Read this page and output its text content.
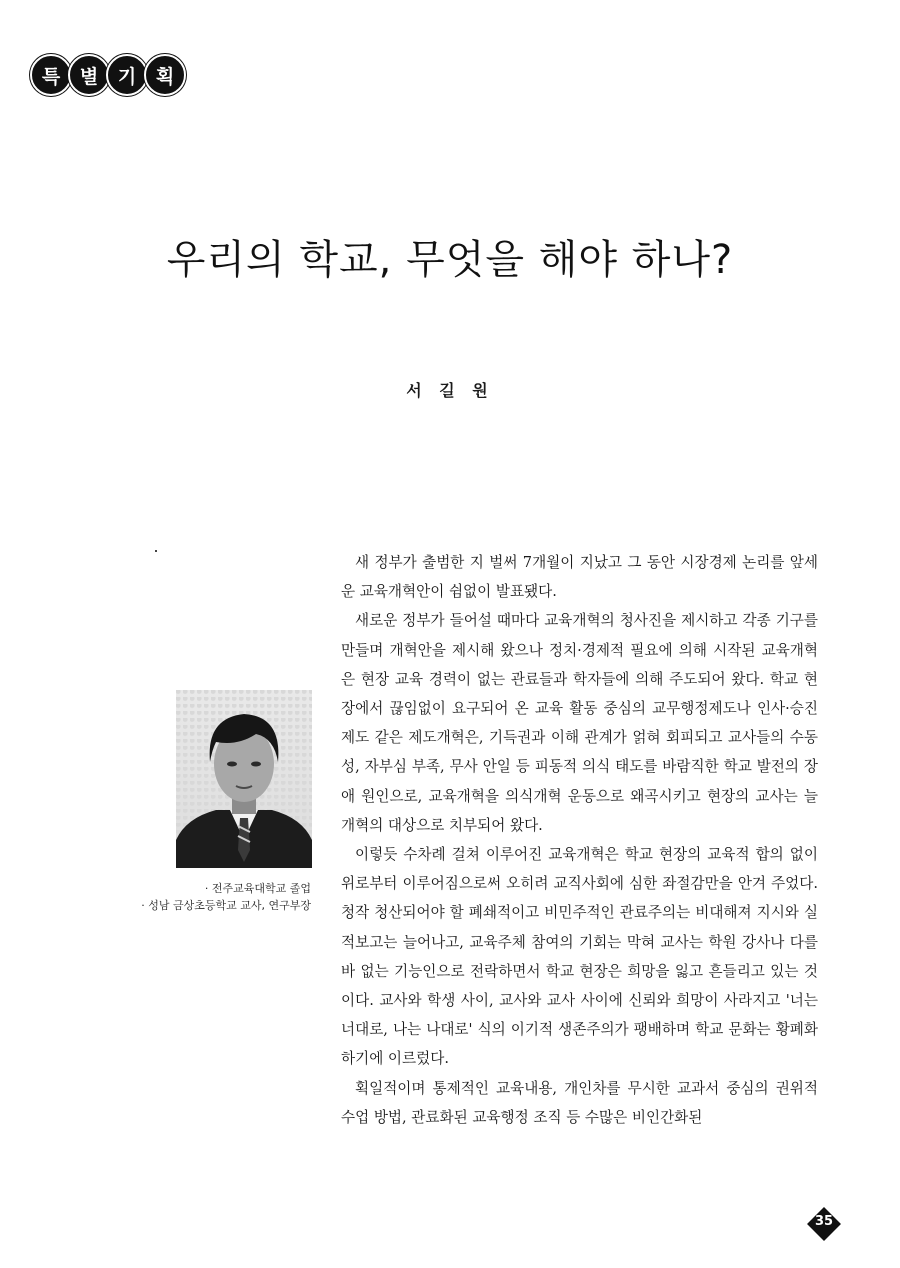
특	별	기	획
우리의 학교, 무엇을 해야 하나?
서 길 원
· 전주교육대학교 졸업
· 성남 금상초등학교 교사, 연구부장

새 정부가 출범한 지 벌써 7개월이 지났고 그 동안 시장경제 논리를 앞세운 교육개혁안이 쉼없이 발표됐다.

새로운 정부가 들어설 때마다 교육개혁의 청사진을 제시하고 각종 기구를 만들며 개혁안을 제시해 왔으나 정치·경제적 필요에 의해 시작된 교육개혁은 현장 교육 경력이 없는 관료들과 학자들에 의해 주도되어 왔다. 학교 현장에서 끊임없이 요구되어 온 교육 활동 중심의 교무행정제도나 인사·승진제도 같은 제도개혁은, 기득권과 이해 관계가 얽혀 회피되고 교사들의 수동성, 자부심 부족, 무사 안일 등 피동적 의식 태도를 바람직한 학교 발전의 장애 원인으로, 교육개혁을 의식개혁 운동으로 왜곡시키고 현장의 교사는 늘 개혁의 대상으로 치부되어 왔다.

이렇듯 수차례 걸쳐 이루어진 교육개혁은 학교 현장의 교육적 합의 없이 위로부터 이루어짐으로써 오히려 교직사회에 심한 좌절감만을 안겨 주었다. 청작 청산되어야 할 폐쇄적이고 비민주적인 관료주의는 비대해져 지시와 실적보고는 늘어나고, 교육주체 참여의 기회는 막혀 교사는 학원 강사나 다를 바 없는 기능인으로 전락하면서 학교 현장은 희망을 잃고 흔들리고 있는 것이다. 교사와 학생 사이, 교사와 교사 사이에 신뢰와 희망이 사라지고 '너는 너대로, 나는 나대로' 식의 이기적 생존주의가 팽배하며 학교 문화는 황폐화하기에 이르렀다.

획일적이며 통제적인 교육내용, 개인차를 무시한 교과서 중심의 권위적 수업 방법, 관료화된 교육행정 조직 등 수많은 비인간화된

35
